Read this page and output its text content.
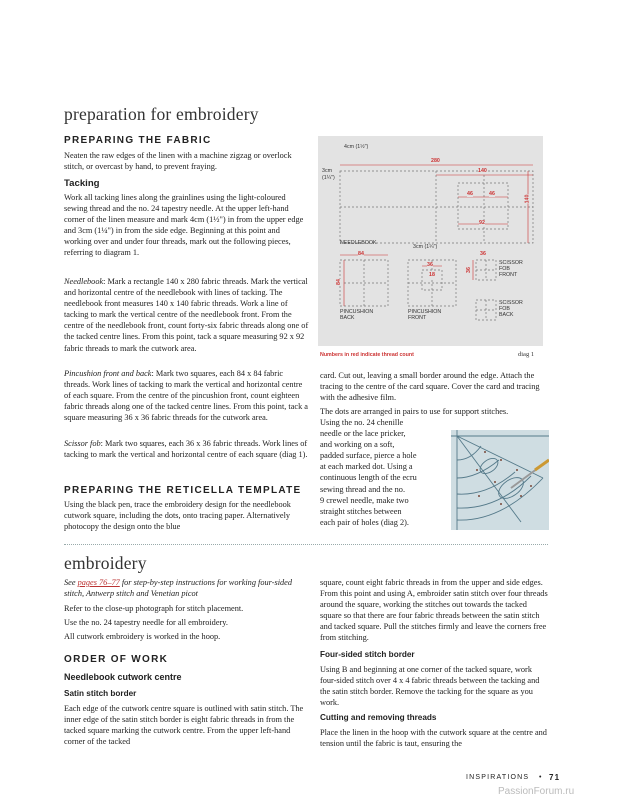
preparation for embroidery
PREPARING THE FABRIC

Neaten the raw edges of the linen with a machine zigzag or overlock stitch, or overcast by hand, to prevent fraying.

Tacking

Work all tacking lines along the grainlines using the light-coloured sewing thread and the no. 24 tapestry needle. At the upper left-hand corner of the linen measure and mark 4cm (1½") in from the upper edge and 3cm (1¼") in from the side edge. Beginning at this point and working over and under four threads, mark out the following pieces, referring to diagram 1.

Needlebook: Mark a rectangle 140 x 280 fabric threads. Mark the vertical and horizontal centre of the needlebook with lines of tacking. The needlebook front measures 140 x 140 fabric threads. Work a line of tacking to mark the vertical centre of the needlebook front. From the centre of the needlebook front, count forty-six fabric threads along one of the tacked centre lines. From this point, tack a square measuring 92 x 92 fabric threads to mark the cutwork area.

Pincushion front and back: Mark two squares, each 84 x 84 fabric threads. Work lines of tacking to mark the vertical and horizontal centre of each square. From the centre of the pincushion front, count eighteen fabric threads along one of the tacked centre lines. From this point, tack a square measuring 36 x 36 fabric threads for the cutwork area.

Scissor fob: Mark two squares, each 36 x 36 fabric threads. Work lines of tacking to mark the vertical and horizontal centre of each square (diag 1).

PREPARING THE RETICELLA TEMPLATE

Using the black pen, trace the embroidery design for the needlebook cutwork square, including the dots, onto tracing paper. Alternatively photocopy the design onto the blue

4cm (1½")
3cm
(1¼")
280
140
140
46	46
92
NEEDLEBOOK
3cm (1¼")
84
84
36
18
36
36
PINCUSHION
BACK
PINCUSHION
FRONT
SCISSOR
FOB
FRONT
SCISSOR
FOB
BACK
Numbers in red indicate thread count	diag 1

card. Cut out, leaving a small border around the edge. Attach the tracing to the centre of the card square. Cover the card and tracing with the adhesive film.

The dots are arranged in pairs to use for support stitches.

Using the no. 24 chenille
needle or the lace pricker,
and working on a soft,
padded surface, pierce a hole
at each marked dot. Using a
continuous length of the ecru
sewing thread and the no.
9 crewel needle, make two
straight stitches between
each pair of holes (diag 2).
embroidery

See pages 76–77 for step-by-step instructions for working four-sided stitch, Antwerp stitch and Venetian picot

Refer to the close-up photograph for stitch placement.

Use the no. 24 tapestry needle for all embroidery.

All cutwork embroidery is worked in the hoop.

ORDER OF WORK
Needlebook cutwork centre
Satin stitch border

Each edge of the cutwork centre square is outlined with satin stitch. The inner edge of the satin stitch border is eight fabric threads in from the tacked square marking the cutwork centre. From the upper left-hand corner of the tacked

square, count eight fabric threads in from the upper and side edges. From this point and using A, embroider satin stitch over four threads around the square, working the stitches out towards the tacked square so that there are four fabric threads between the satin stitch and tacked square. Pull the stitches firmly and leave the corners free from stitching.

Four-sided stitch border

Using B and beginning at one corner of the tacked square, work four-sided stitch over 4 x 4 fabric threads between the tacking and the satin stitch border. Remove the tacking for the square as you work.

Cutting and removing threads

Place the linen in the hoop with the cutwork square at the centre and tension until the fabric is taut, ensuring the

INSPIRATIONS • 71
PassionForum.ru
